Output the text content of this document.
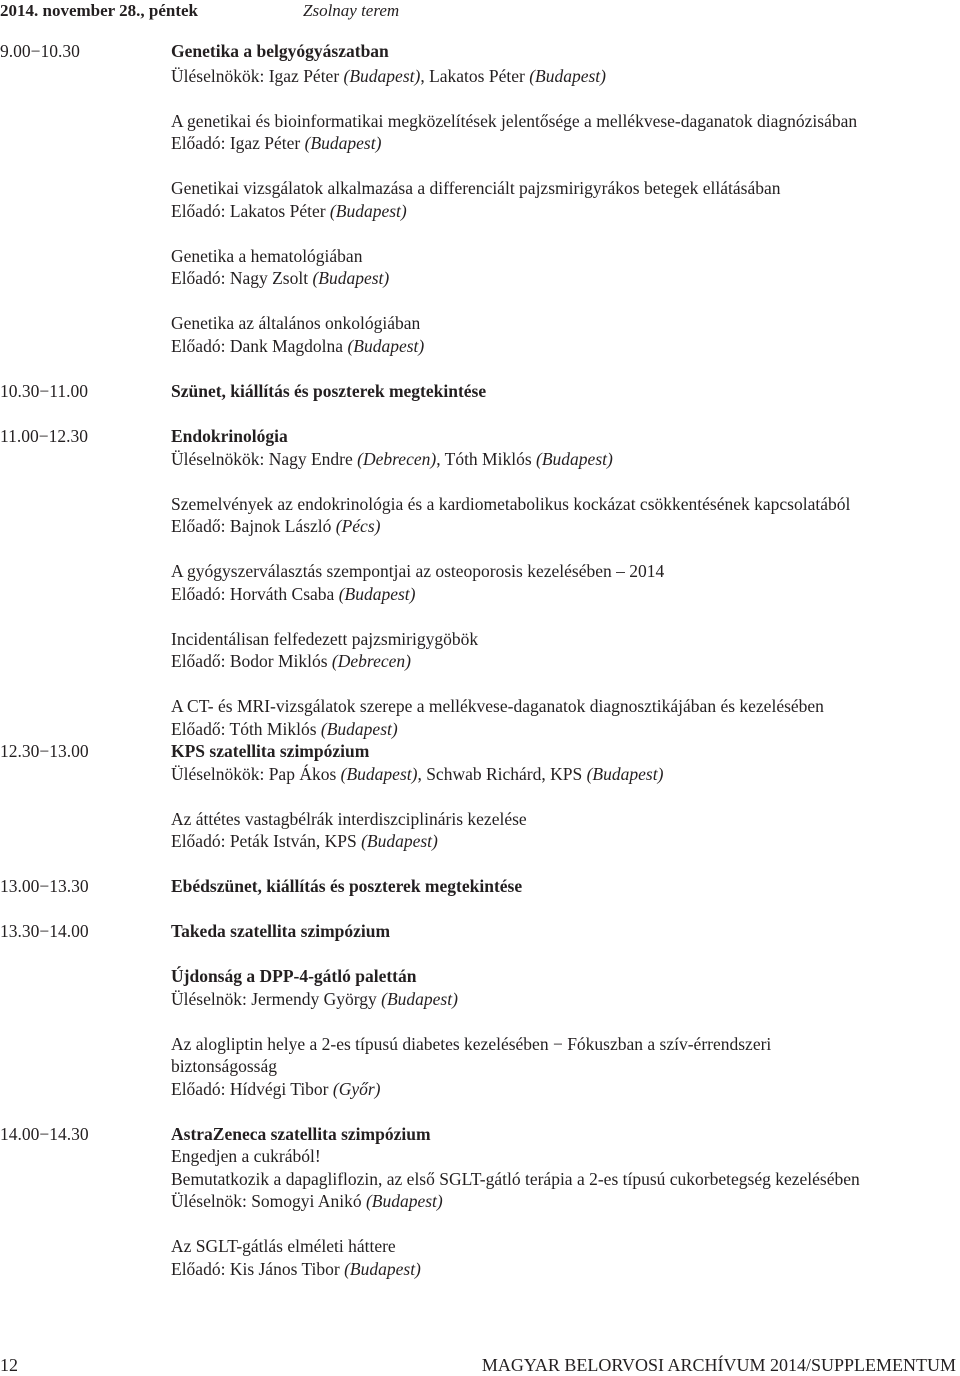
2014. november 28., péntek	Zsolnay terem
9.00−10.30	Genetika a belgyógyászatban
Üléselnökök: Igaz Péter (Budapest), Lakatos Péter (Budapest)
A genetikai és bioinformatikai megközelítések jelentősége a mellékvese-daganatok diagnózisában
Előadó: Igaz Péter (Budapest)
Genetikai vizsgálatok alkalmazása a differenciált pajzsmirigyrákos betegek ellátásában
Előadó: Lakatos Péter (Budapest)
Genetika a hematológiában
Előadó: Nagy Zsolt (Budapest)
Genetika az általános onkológiában
Előadó: Dank Magdolna (Budapest)
10.30−11.00	Szünet, kiállítás és poszterek megtekintése
11.00−12.30	Endokrinológia
Üléselnökök: Nagy Endre (Debrecen), Tóth Miklós (Budapest)
Szemelvények az endokrinológia és a kardiometabolikus kockázat csökkentésének kapcsolatából
Előadő: Bajnok László (Pécs)
A gyógyszerválasztás szempontjai az osteoporosis kezelésében – 2014
Előadó: Horváth Csaba (Budapest)
Incidentálisan felfedezett pajzsmirigygöbök
Előadő: Bodor Miklós (Debrecen)
A CT- és MRI-vizsgálatok szerepe a mellékvese-daganatok diagnosztikájában és kezelésében
Előadő: Tóth Miklós (Budapest)
12.30−13.00	KPS szatellita szimpózium
Üléselnökök: Pap Ákos (Budapest), Schwab Richárd, KPS (Budapest)
Az áttétes vastagbélrák interdiszciplináris kezelése
Előadó: Peták István, KPS (Budapest)
13.00−13.30	Ebédszünet, kiállítás és poszterek megtekintése
13.30−14.00	Takeda szatellita szimpózium
Újdonság a DPP-4-gátló palettán
Üléselnök: Jermendy György (Budapest)
Az alogliptin helye a 2-es típusú diabetes kezelésében − Fókuszban a szív-érrendszeri
biztonságosság
Előadó: Hídvégi Tibor (Győr)
14.00−14.30	AstraZeneca szatellita szimpózium
Engedjen a cukrából!
Bemutatkozik a dapagliflozin, az első SGLT-gátló terápia a 2-es típusú cukorbetegség kezelésében
Üléselnök: Somogyi Anikó (Budapest)
Az SGLT-gátlás elméleti háttere
Előadó: Kis János Tibor (Budapest)
12	MAGYAR BELORVOSI ARCHÍVUM 2014/SUPPLEMENTUM
